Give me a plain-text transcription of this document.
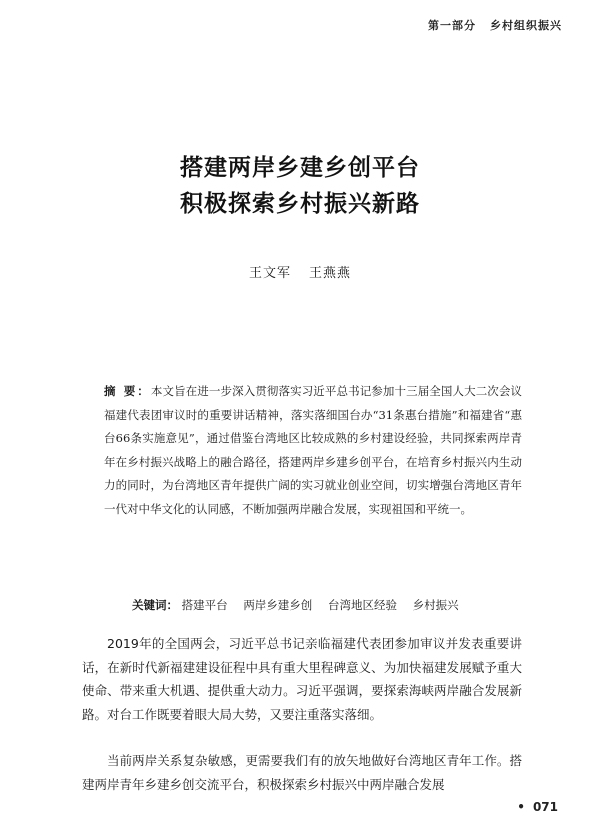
第一部分 乡村组织振兴
搭建两岸乡建乡创平台
积极探索乡村振兴新路
王文军 王燕燕
摘 要：本文旨在进一步深入贯彻落实习近平总书记参加十三届全国人大二次会议福建代表团审议时的重要讲话精神，落实落细国台办“31条惠台措施”和福建省“惠台66条实施意见”，通过借鉴台湾地区比较成熟的乡村建设经验，共同探索两岸青年在乡村振兴战略上的融合路径，搭建两岸乡建乡创平台，在培育乡村振兴内生动力的同时，为台湾地区青年提供广阔的实习就业创业空间，切实增强台湾地区青年一代对中华文化的认同感，不断加强两岸融合发展，实现祖国和平统一。
关键词： 搭建平台 两岸乡建乡创 台湾地区经验 乡村振兴
2019年的全国两会，习近平总书记亲临福建代表团参加审议并发表重要讲话，在新时代新福建建设征程中具有重大里程碑意义、为加快福建发展赋予重大使命、带来重大机遇、提供重大动力。习近平强调，要探索海峡两岸融合发展新路。对台工作既要着眼大局大势，又要注重落实落细。
当前两岸关系复杂敏感，更需要我们有的放矢地做好台湾地区青年工作。搭建两岸青年乡建乡创交流平台，积极探索乡村振兴中两岸融合发展
• 071
